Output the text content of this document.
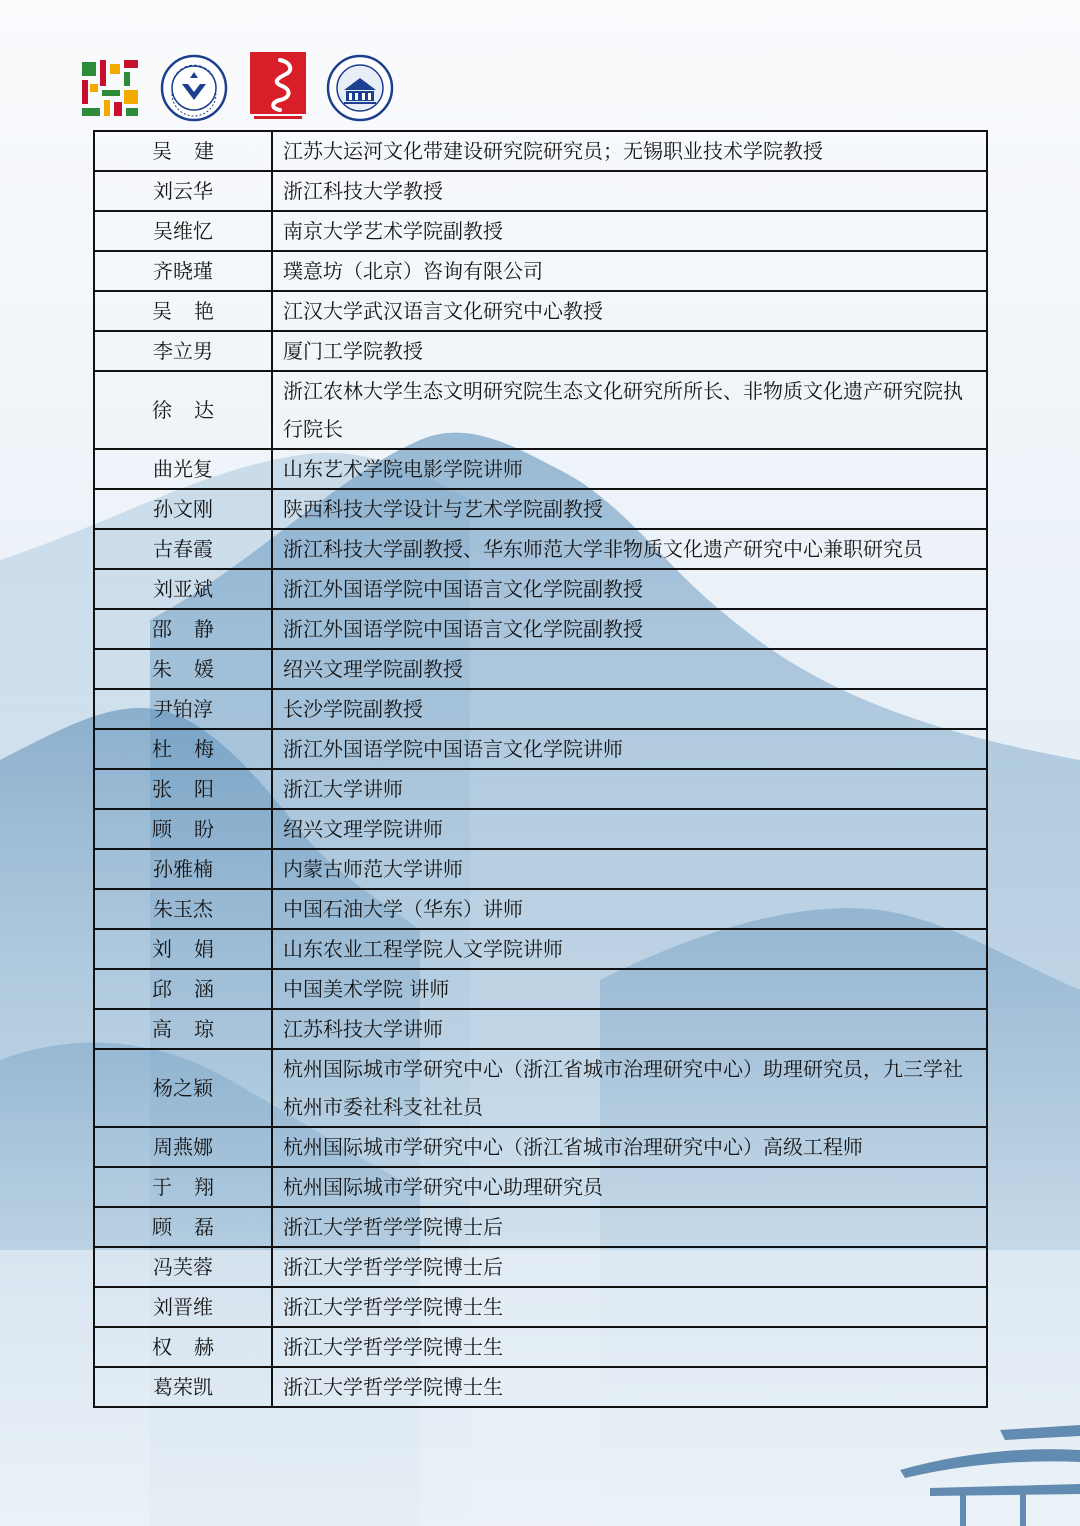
吴建	江苏大运河文化带建设研究院研究员；无锡职业技术学院教授
刘云华	浙江科技大学教授
吴维忆	南京大学艺术学院副教授
齐晓瑾	璞意坊（北京）咨询有限公司
吴艳	江汉大学武汉语言文化研究中心教授
李立男	厦门工学院教授
徐达	浙江农林大学生态文明研究院生态文化研究所所长、非物质文化遗产研究院执行院长
曲光复	山东艺术学院电影学院讲师
孙文刚	陕西科技大学设计与艺术学院副教授
古春霞	浙江科技大学副教授、华东师范大学非物质文化遗产研究中心兼职研究员
刘亚斌	浙江外国语学院中国语言文化学院副教授
邵静	浙江外国语学院中国语言文化学院副教授
朱媛	绍兴文理学院副教授
尹铂淳	长沙学院副教授
杜梅	浙江外国语学院中国语言文化学院讲师
张阳	浙江大学讲师
顾盼	绍兴文理学院讲师
孙雅楠	内蒙古师范大学讲师
朱玉杰	中国石油大学（华东）讲师
刘娟	山东农业工程学院人文学院讲师
邱涵	中国美术学院 讲师
高琼	江苏科技大学讲师
杨之颖	杭州国际城市学研究中心（浙江省城市治理研究中心）助理研究员，九三学社杭州市委社科支社社员
周燕娜	杭州国际城市学研究中心（浙江省城市治理研究中心）高级工程师
于翔	杭州国际城市学研究中心助理研究员
顾磊	浙江大学哲学学院博士后
冯芙蓉	浙江大学哲学学院博士后
刘晋维	浙江大学哲学学院博士生
权赫	浙江大学哲学学院博士生
葛荣凯	浙江大学哲学学院博士生
